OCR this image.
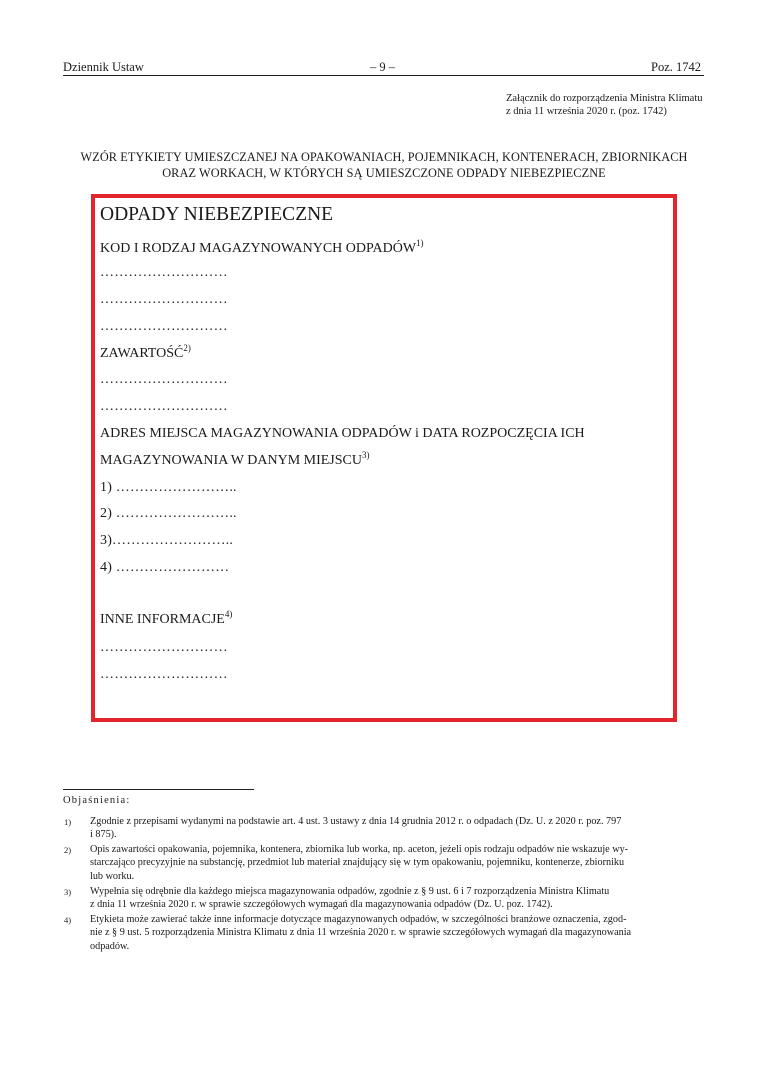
Dziennik Ustaw	– 9 –	Poz. 1742
Załącznik do rozporządzenia Ministra Klimatu
z dnia 11 września 2020 r. (poz. 1742)
WZÓR ETYKIETY UMIESZCZANEJ NA OPAKOWANIACH, POJEMNIKACH, KONTENERACH, ZBIORNIKACH
ORAZ WORKACH, W KTÓRYCH SĄ UMIESZCZONE ODPADY NIEBEZPIECZNE
ODPADY NIEBEZPIECZNE
KOD I RODZAJ MAGAZYNOWANYCH ODPADÓW$^{1)}$
………………………
………………………
………………………
ZAWARTOŚĆ$^{2)}$
………………………
………………………
ADRES MIEJSCA MAGAZYNOWANIA ODPADÓW i DATA ROZPOCZĘCIA ICH
MAGAZYNOWANIA W DANYM MIEJSCU$^{3)}$
1) ……………………..
2) ……………………..
3)……………………..
4) ……………………
INNE INFORMACJE$^{4)}$
………………………
………………………
Objaśnienia:
1) Zgodnie z przepisami wydanymi na podstawie art. 4 ust. 3 ustawy z dnia 14 grudnia 2012 r. o odpadach (Dz. U. z 2020 r. poz. 797
i 875).
2) Opis zawartości opakowania, pojemnika, kontenera, zbiornika lub worka, np. aceton, jeżeli opis rodzaju odpadów nie wskazuje wy-
starczająco precyzyjnie na substancję, przedmiot lub materiał znajdujący się w tym opakowaniu, pojemniku, kontenerze, zbiorniku
lub worku.
3) Wypełnia się odrębnie dla każdego miejsca magazynowania odpadów, zgodnie z § 9 ust. 6 i 7 rozporządzenia Ministra Klimatu
z dnia 11 września 2020 r. w sprawie szczegółowych wymagań dla magazynowania odpadów (Dz. U. poz. 1742).
4) Etykieta może zawierać także inne informacje dotyczące magazynowanych odpadów, w szczególności branżowe oznaczenia, zgod-
nie z § 9 ust. 5 rozporządzenia Ministra Klimatu z dnia 11 września 2020 r. w sprawie szczegółowych wymagań dla magazynowania
odpadów.
